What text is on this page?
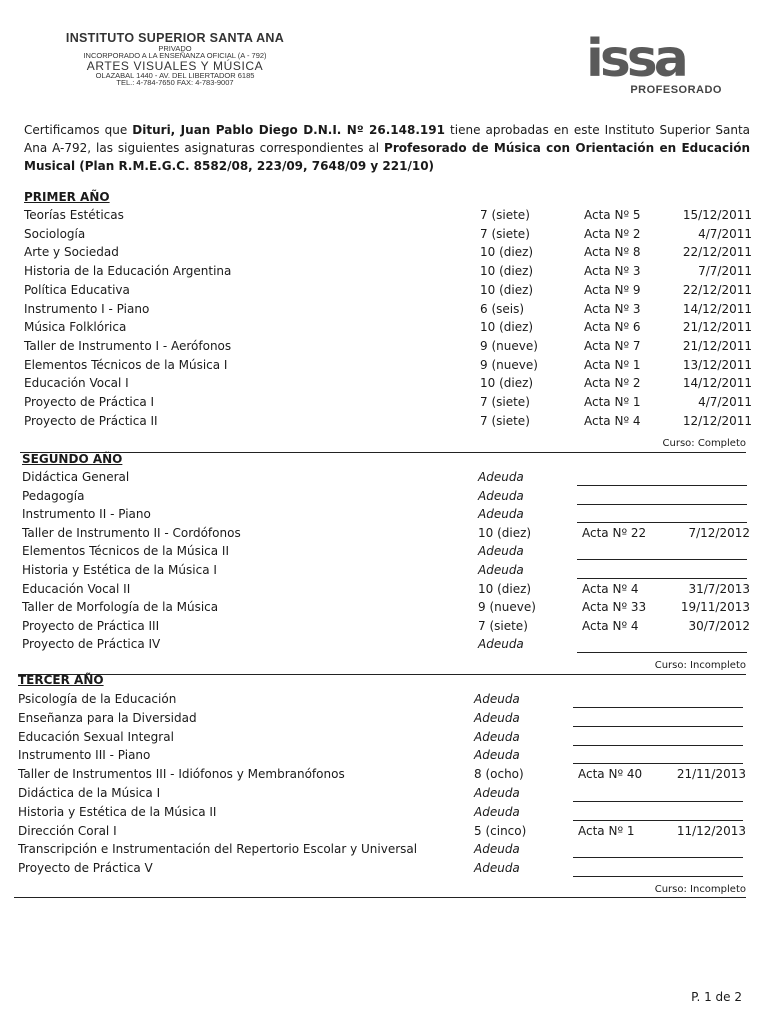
INSTITUTO SUPERIOR SANTA ANA
PRIVADO
INCORPORADO A LA ENSEÑANZA OFICIAL (A - 792)
ARTES VISUALES Y MÚSICA
OLAZABAL 1440 - AV. DEL LIBERTADOR 6185
TEL.: 4-784-7650 FAX: 4-783-9007	issa
PROFESORADO
Certificamos que Dituri, Juan Pablo Diego D.N.I. Nº 26.148.191 tiene aprobadas en este Instituto Superior Santa Ana A-792, las siguientes asignaturas correspondientes al Profesorado de Música con Orientación en Educación Musical (Plan R.M.E.G.C. 8582/08, 223/09, 7648/09 y 221/10)
PRIMER AÑO
Teorías Estéticas	7 (siete)	Acta Nº 5	15/12/2011
Sociología	7 (siete)	Acta Nº 2	4/7/2011
Arte y Sociedad	10 (diez)	Acta Nº 8	22/12/2011
Historia de la Educación Argentina	10 (diez)	Acta Nº 3	7/7/2011
Política Educativa	10 (diez)	Acta Nº 9	22/12/2011
Instrumento I - Piano	6 (seis)	Acta Nº 3	14/12/2011
Música Folklórica	10 (diez)	Acta Nº 6	21/12/2011
Taller de Instrumento I - Aerófonos	9 (nueve)	Acta Nº 7	21/12/2011
Elementos Técnicos de la Música I	9 (nueve)	Acta Nº 1	13/12/2011
Educación Vocal I	10 (diez)	Acta Nº 2	14/12/2011
Proyecto de Práctica I	7 (siete)	Acta Nº 1	4/7/2011
Proyecto de Práctica II	7 (siete)	Acta Nº 4	12/12/2011
Curso: Completo
SEGUNDO AÑO
Didáctica General	Adeuda
Pedagogía	Adeuda
Instrumento II - Piano	Adeuda
Taller de Instrumento II - Cordófonos	10 (diez)	Acta Nº 22	7/12/2012
Elementos Técnicos de la Música II	Adeuda
Historia y Estética de la Música I	Adeuda
Educación Vocal II	10 (diez)	Acta Nº 4	31/7/2013
Taller de Morfología de la Música	9 (nueve)	Acta Nº 33	19/11/2013
Proyecto de Práctica III	7 (siete)	Acta Nº 4	30/7/2012
Proyecto de Práctica IV	Adeuda
Curso: Incompleto
TERCER AÑO
Psicología de la Educación	Adeuda
Enseñanza para la Diversidad	Adeuda
Educación Sexual Integral	Adeuda
Instrumento III - Piano	Adeuda
Taller de Instrumentos III - Idiófonos y Membranófonos	8 (ocho)	Acta Nº 40	21/11/2013
Didáctica de la Música I	Adeuda
Historia y Estética de la Música II	Adeuda
Dirección Coral I	5 (cinco)	Acta Nº 1	11/12/2013
Transcripción e Instrumentación del Repertorio Escolar y Universal	Adeuda
Proyecto de Práctica V	Adeuda
Curso: Incompleto
P. 1 de 2
